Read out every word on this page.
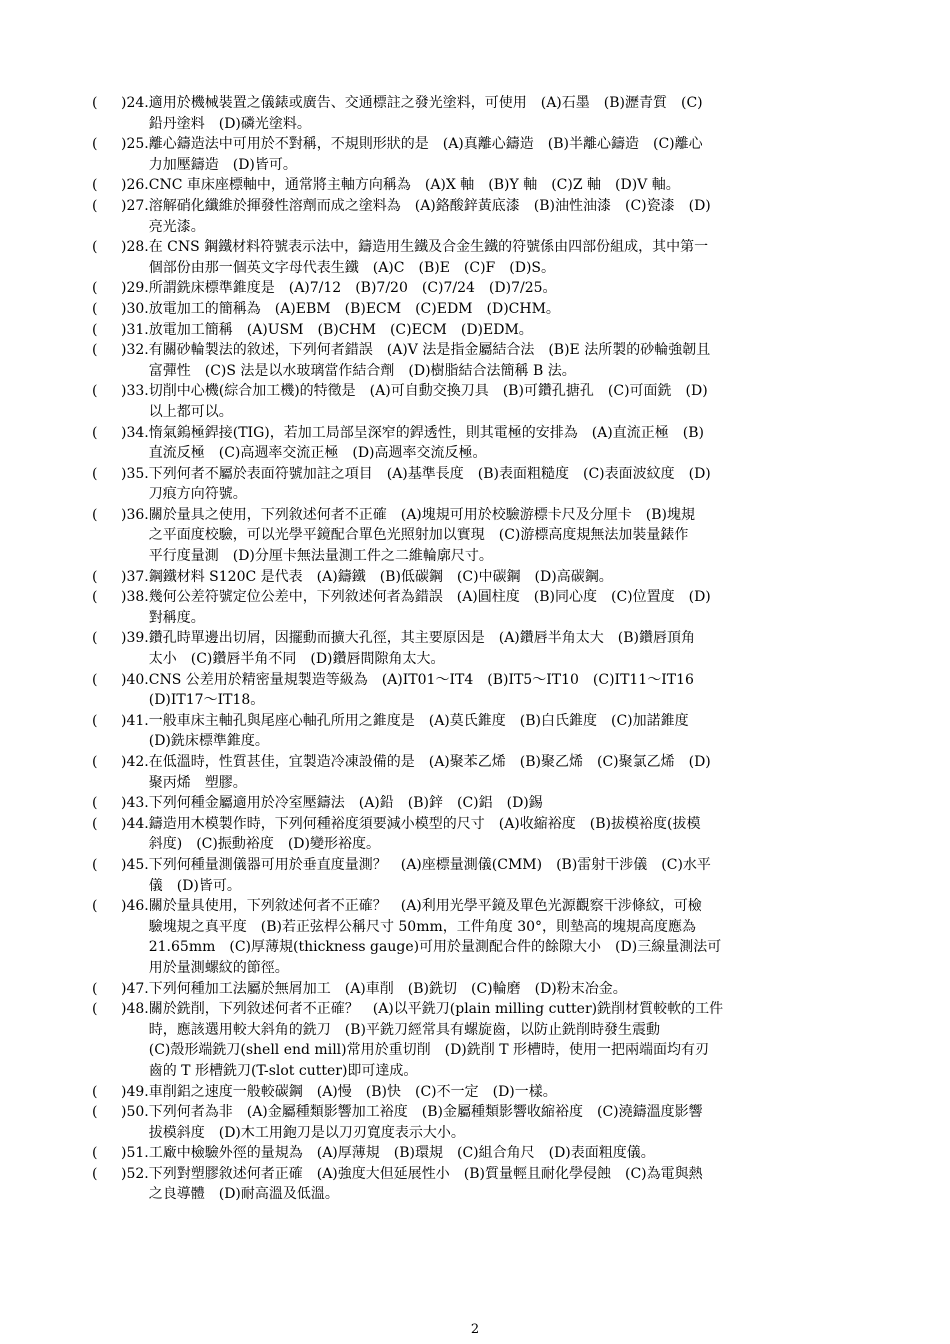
(	)24. 適用於機械裝置之儀錶或廣告、交通標註之發光塗料，可使用　(A)石墨　(B)瀝青質　(C)
鉛丹塗料　(D)磷光塗料。
(	)25. 離心鑄造法中可用於不對稱，不規則形狀的是　(A)真離心鑄造　(B)半離心鑄造　(C)離心
力加壓鑄造　(D)皆可。
(	)26. CNC 車床座標軸中，通常將主軸方向稱為　(A)X 軸　(B)Y 軸　(C)Z 軸　(D)V 軸。
(	)27. 溶解硝化纖維於揮發性溶劑而成之塗料為　(A)鉻酸鋅黃底漆　(B)油性油漆　(C)瓷漆　(D)
亮光漆。
(	)28. 在 CNS 鋼鐵材料符號表示法中，鑄造用生鐵及合金生鐵的符號係由四部份組成，其中第一
個部份由那一個英文字母代表生鐵　(A)C　(B)E　(C)F　(D)S。
(	)29. 所謂銑床標準錐度是　(A)7/12　(B)7/20　(C)7/24　(D)7/25。
(	)30. 放電加工的簡稱為　(A)EBM　(B)ECM　(C)EDM　(D)CHM。
(	)31. 放電加工簡稱　(A)USM　(B)CHM　(C)ECM　(D)EDM。
(	)32. 有關砂輪製法的敘述，下列何者錯誤　(A)V 法是指金屬結合法　(B)E 法所製的砂輪強韌且
富彈性　(C)S 法是以水玻璃當作結合劑　(D)樹脂結合法簡稱 B 法。
(	)33. 切削中心機(綜合加工機)的特徵是　(A)可自動交換刀具　(B)可鑽孔搪孔　(C)可面銑　(D)
以上都可以。
(	)34. 惰氣鎢極銲接(TIG)，若加工局部呈深窄的銲透性，則其電極的安排為　(A)直流正極　(B)
直流反極　(C)高週率交流正極　(D)高週率交流反極。
(	)35. 下列何者不屬於表面符號加註之項目　(A)基準長度　(B)表面粗糙度　(C)表面波紋度　(D)
刀痕方向符號。
(	)36. 關於量具之使用，下列敘述何者不正確　(A)塊規可用於校驗游標卡尺及分厘卡　(B)塊規
之平面度校驗，可以光學平鏡配合單色光照射加以實現　(C)游標高度規無法加裝量錶作
平行度量測　(D)分厘卡無法量測工件之二維輪廓尺寸。
(	)37. 鋼鐵材料 S120C 是代表　(A)鑄鐵　(B)低碳鋼　(C)中碳鋼　(D)高碳鋼。
(	)38. 幾何公差符號定位公差中，下列敘述何者為錯誤　(A)圓柱度　(B)同心度　(C)位置度　(D)
對稱度。
(	)39. 鑽孔時單邊出切屑，因擺動而擴大孔徑，其主要原因是　(A)鑽唇半角太大　(B)鑽唇頂角
太小　(C)鑽唇半角不同　(D)鑽唇間隙角太大。
(	)40. CNS 公差用於精密量規製造等級為　(A)IT01～IT4　(B)IT5～IT10　(C)IT11～IT16
(D)IT17～IT18。
(	)41. 一般車床主軸孔與尾座心軸孔所用之錐度是　(A)莫氏錐度　(B)白氏錐度　(C)加諾錐度
(D)銑床標準錐度。
(	)42. 在低溫時，性質甚佳，宜製造冷凍設備的是　(A)聚苯乙烯　(B)聚乙烯　(C)聚氯乙烯　(D)
聚丙烯　塑膠。
(	)43. 下列何種金屬適用於冷室壓鑄法　(A)鉛　(B)鋅　(C)鋁　(D)錫
(	)44. 鑄造用木模製作時，下列何種裕度須要減小模型的尺寸　(A)收縮裕度　(B)拔模裕度(拔模
斜度)　(C)振動裕度　(D)變形裕度。
(	)45. 下列何種量測儀器可用於垂直度量測？　(A)座標量測儀(CMM)　(B)雷射干涉儀　(C)水平
儀　(D)皆可。
(	)46. 關於量具使用，下列敘述何者不正確？　(A)利用光學平鏡及單色光源觀察干涉條紋，可檢
驗塊規之真平度　(B)若正弦桿公稱尺寸 50mm，工件角度 30°，則墊高的塊規高度應為
21.65mm　(C)厚薄規(thickness gauge)可用於量測配合件的餘隙大小　(D)三線量測法可
用於量測螺紋的節徑。
(	)47. 下列何種加工法屬於無屑加工　(A)車削　(B)銑切　(C)輪磨　(D)粉末冶金。
(	)48. 關於銑削，下列敘述何者不正確？　(A)以平銑刀(plain milling cutter)銑削材質較軟的工件
時，應該選用較大斜角的銑刀　(B)平銑刀經常具有螺旋齒，以防止銑削時發生震動
(C)殼形端銑刀(shell end mill)常用於重切削　(D)銑削 T 形槽時，使用一把兩端面均有刃
齒的 T 形槽銑刀(T-slot cutter)即可達成。
(	)49. 車削鋁之速度一般較碳鋼　(A)慢　(B)快　(C)不一定　(D)一樣。
(	)50. 下列何者為非　(A)金屬種類影響加工裕度　(B)金屬種類影響收縮裕度　(C)澆鑄溫度影響
拔模斜度　(D)木工用鉋刀是以刀刃寬度表示大小。
(	)51. 工廠中檢驗外徑的量規為　(A)厚薄規　(B)環規　(C)組合角尺　(D)表面粗度儀。
(	)52. 下列對塑膠敘述何者正確　(A)強度大但延展性小　(B)質量輕且耐化學侵蝕　(C)為電與熱
之良導體　(D)耐高溫及低溫。
2
